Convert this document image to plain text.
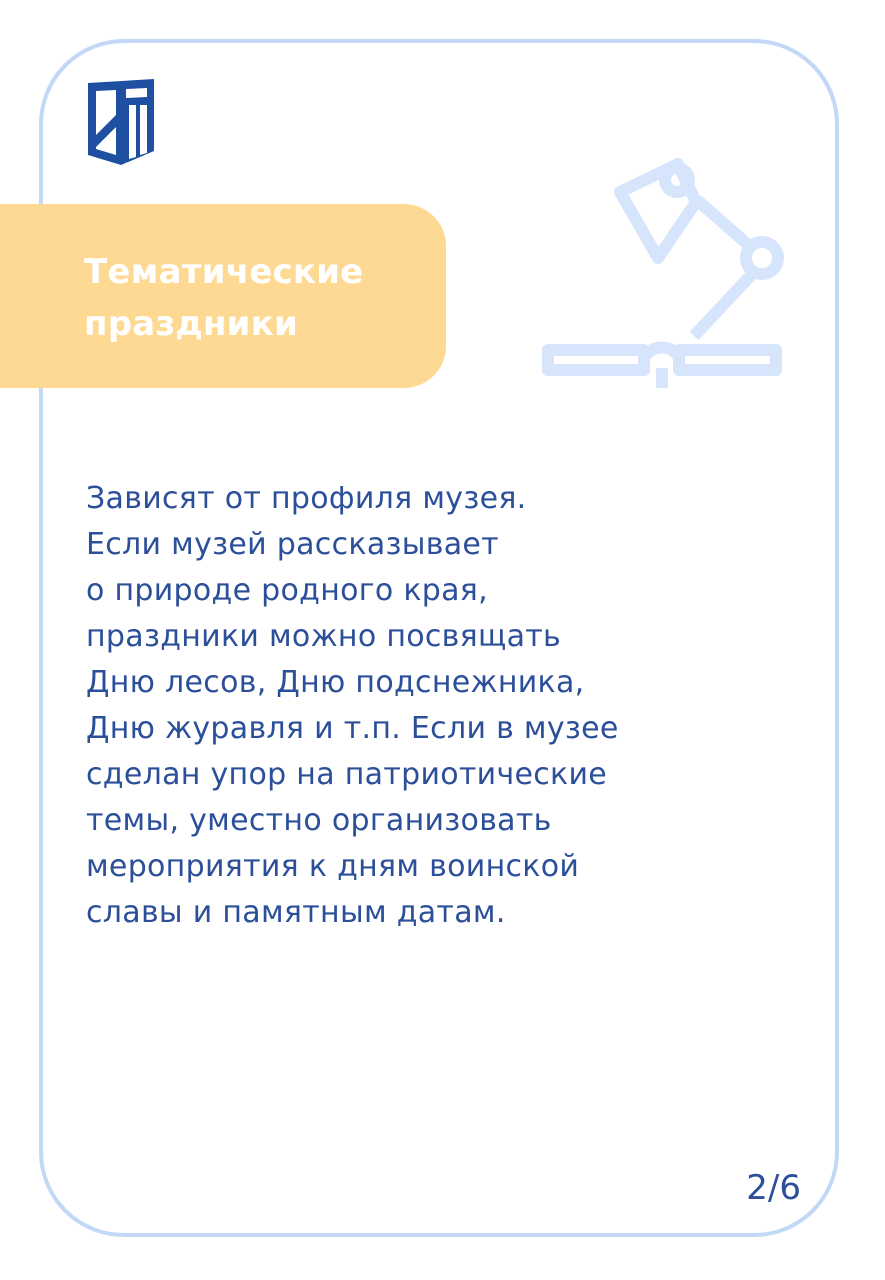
Тематические
праздники

Зависят от профиля музея.
Если музей рассказывает
о природе родного края,
праздники можно посвящать
Дню лесов, Дню подснежника,
Дню журавля и т.п. Если в музее
сделан упор на патриотические
темы, уместно организовать
мероприятия к дням воинской
славы и памятным датам.

2/6
